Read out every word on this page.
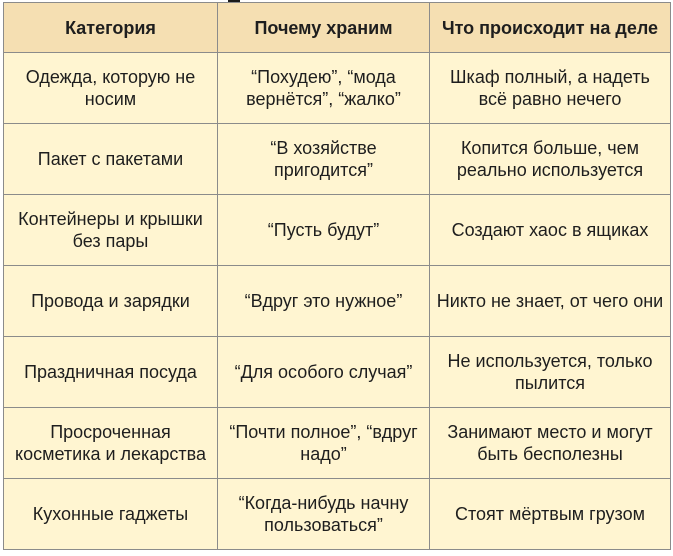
Категория	Почему храним	Что происходит на деле
Одежда, которую не носим	“Похудею”, “мода вернётся”, “жалко”	Шкаф полный, а надеть всё равно нечего
Пакет с пакетами	“В хозяйстве пригодится”	Копится больше, чем реально используется
Контейнеры и крышки без пары	“Пусть будут”	Создают хаос в ящиках
Провода и зарядки	“Вдруг это нужное”	Никто не знает, от чего они
Праздничная посуда	“Для особого случая”	Не используется, только пылится
Просроченная косметика и лекарства	“Почти полное”, “вдруг надо”	Занимают место и могут быть бесполезны
Кухонные гаджеты	“Когда-нибудь начну пользоваться”	Стоят мёртвым грузом
